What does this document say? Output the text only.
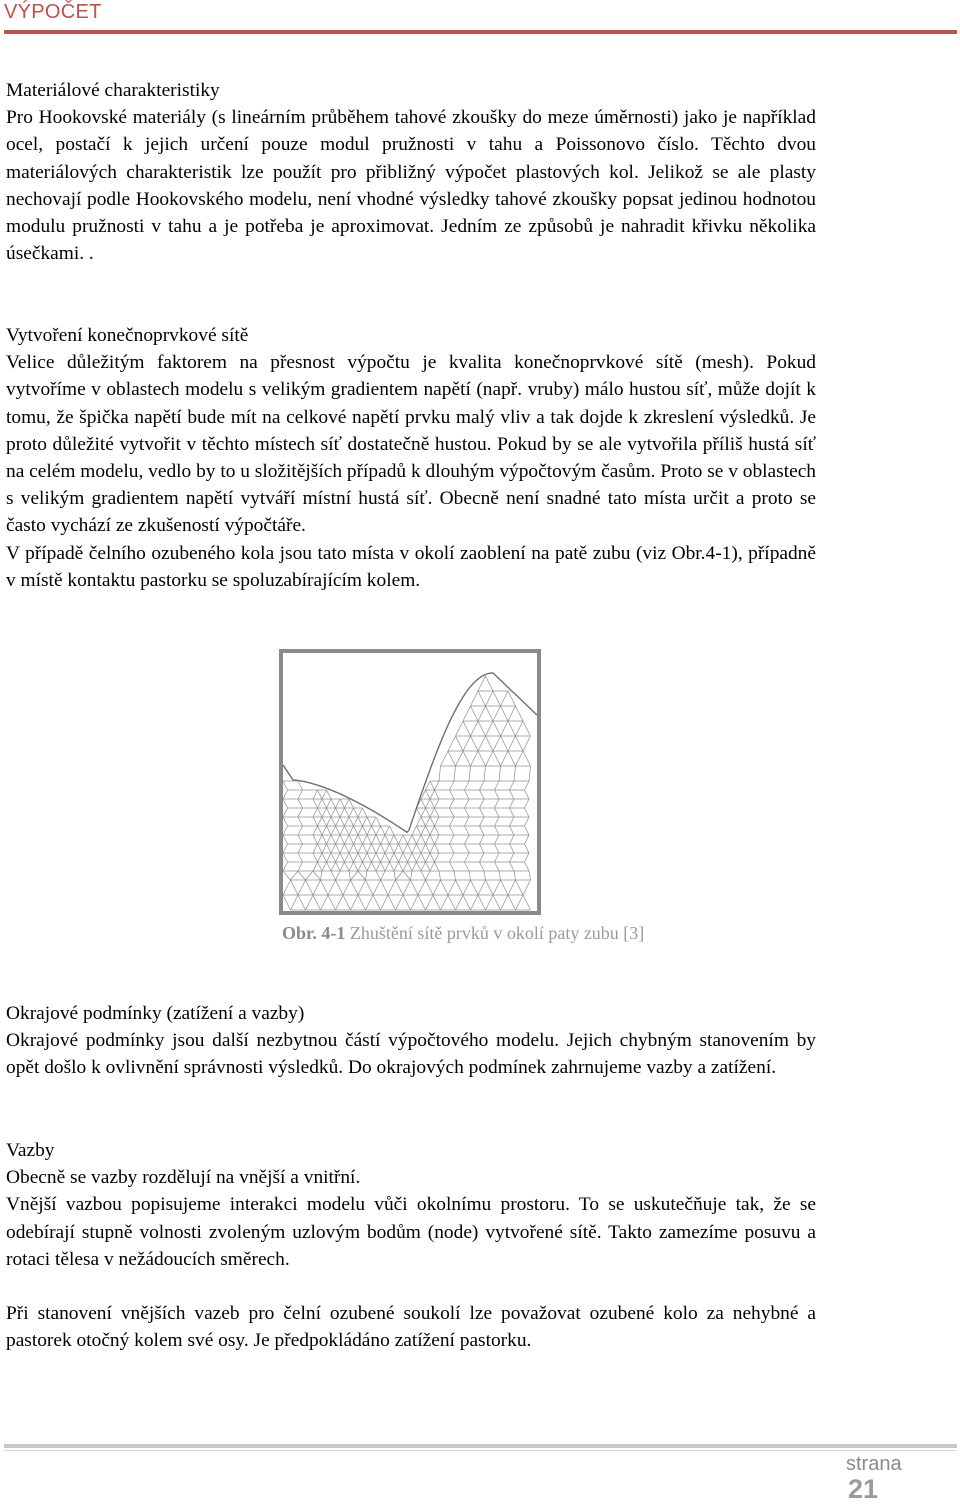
VÝPOČET

Materiálové charakteristiky

Pro Hookovské materiály (s lineárním průběhem tahové zkoušky do meze úměrnosti) jako je například ocel, postačí k jejich určení pouze modul pružnosti v tahu a Poissonovo číslo. Těchto dvou materiálových charakteristik lze použít pro přibližný výpočet plastových kol. Jelikož se ale plasty nechovají podle Hookovského modelu, není vhodné výsledky tahové zkoušky popsat jedinou hodnotou modulu pružnosti v tahu a je potřeba je aproximovat. Jedním ze způsobů je nahradit křivku několika úsečkami. .

Vytvoření konečnoprvkové sítě

Velice důležitým faktorem na přesnost výpočtu je kvalita konečnoprvkové sítě (mesh). Pokud vytvoříme v oblastech modelu s velikým gradientem napětí (např. vruby) málo hustou síť, může dojít k tomu, že špička napětí bude mít na celkové napětí prvku malý vliv a tak dojde k zkreslení výsledků. Je proto důležité vytvořit v těchto místech síť dostatečně hustou. Pokud by se ale vytvořila příliš hustá síť na celém modelu, vedlo by to u složitějších případů k dlouhým výpočtovým časům. Proto se v oblastech s velikým gradientem napětí vytváří místní hustá síť. Obecně není snadné tato místa určit a proto se často vychází ze zkušeností výpočtáře.

V případě čelního ozubeného kola jsou tato místa v okolí zaoblení na patě zubu (viz Obr.4-1), případně v místě kontaktu pastorku se spoluzabírajícím kolem.

Obr. 4-1 Zhuštění sítě prvků v okolí paty zubu [3]

Okrajové podmínky (zatížení a vazby)

Okrajové podmínky jsou další nezbytnou částí výpočtového modelu. Jejich chybným stanovením by opět došlo k ovlivnění správnosti výsledků. Do okrajových podmínek zahrnujeme vazby a zatížení.

Vazby

Obecně se vazby rozdělují na vnější a vnitřní.

Vnější vazbou popisujeme interakci modelu vůči okolnímu prostoru. To se uskutečňuje tak, že se odebírají stupně volnosti zvoleným uzlovým bodům (node) vytvořené sítě. Takto zamezíme posuvu a rotaci tělesa v nežádoucích směrech.

Při stanovení vnějších vazeb pro čelní ozubené soukolí lze považovat ozubené kolo za nehybné a pastorek otočný kolem své osy. Je předpokládáno zatížení pastorku.

strana
21
